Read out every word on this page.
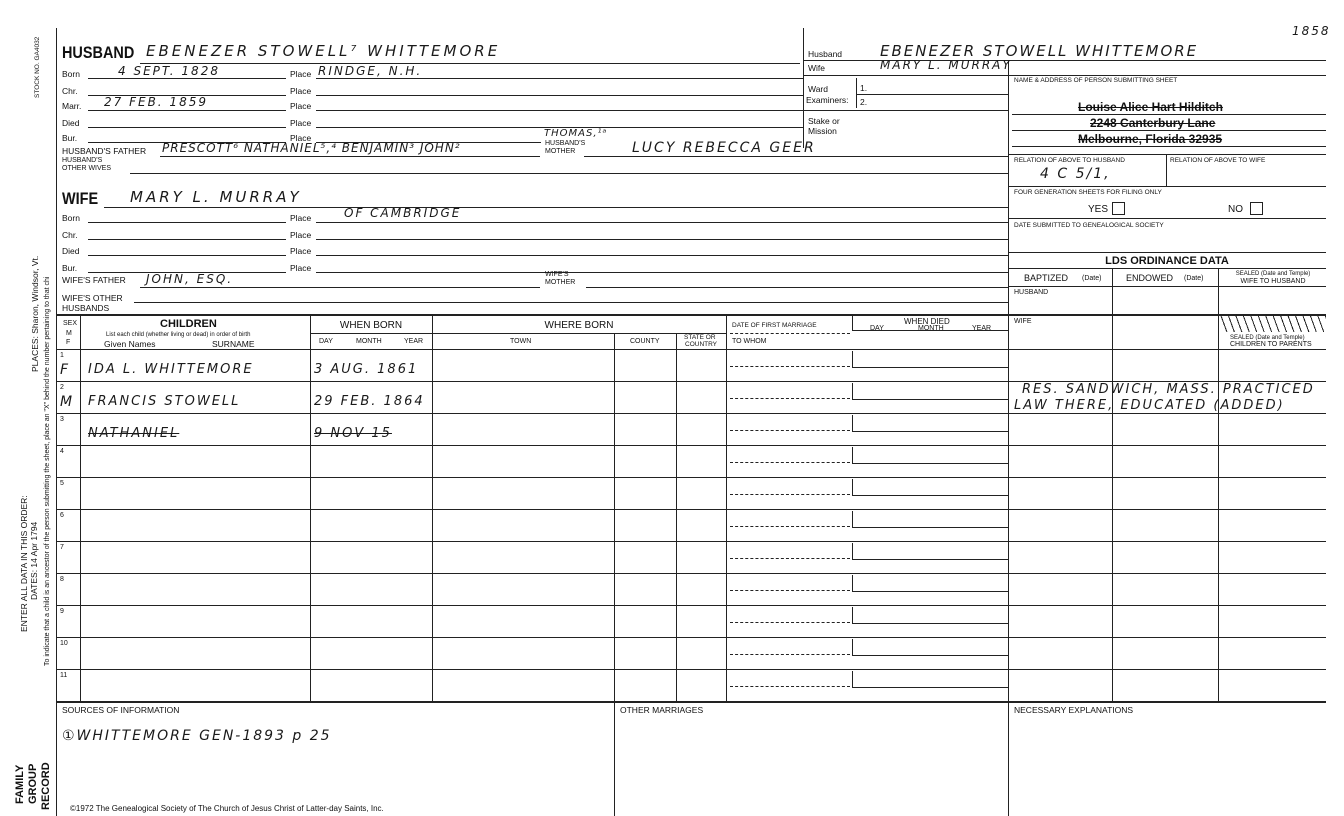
STOCK NO. GA4032
PLACES: Sharon, Windsor, Vt.
ENTER ALL DATA IN THIS ORDER: DATES: 14 Apr 1794 To indicate that a child is an ancestor of the person submitting the sheet, place an "X" behind the number pertaining to that chi
FAMILY GROUP RECORD
HUSBAND EBENEZER STOWELL⁷ WHITTEMORE
Born	4 SEPT. 1828	Place RINDGE, N.H.
Chr.	Place
Marr. 27 FEB. 1859	Place
Died	Place
Bur.	Place	THOMAS,¹ᵃ
HUSBAND'S FATHER PRESCOTT⁶ NATHANIEL⁵,⁴ BENJAMIN³ JOHN²	HUSBAND'S
MOTHER	LUCY REBECCA GEER
HUSBAND'S
OTHER WIVES
WIFE MARY L. MURRAY
Born	Place	OF CAMBRIDGE
Chr.	Place
Died	Place
Bur.	Place
WIFE'S FATHER JOHN, ESQ.	WIFE'S
MOTHER
WIFE'S OTHER
HUSBANDS
1858
Husband	EBENEZER STOWELL WHITTEMORE
Wife	MARY L. MURRAY
Ward	1.
Examiners: 2.
Stake or
Mission
NAME & ADDRESS OF PERSON SUBMITTING SHEET
Louise Alice Hart Hilditch
2248 Canterbury Lane
Melbourne, Florida 32935
RELATION OF ABOVE TO HUSBAND	RELATION OF ABOVE TO WIFE
4 C 5/1,
FOUR GENERATION SHEETS FOR FILING ONLY
YES	NO
DATE SUBMITTED TO GENEALOGICAL SOCIETY
LDS ORDINANCE DATA
BAPTIZED (Date)	ENDOWED (Date)
SEALED (Date and Temple)
WIFE TO HUSBAND
HUSBAND
WIFE
SEALED (Date and Temple)
CHILDREN TO PARENTS
RES. SANDWICH, MASS. PRACTICED
LAW THERE, EDUCATED (ADDED)
SEX
M
F
CHILDREN
List each child (whether living or dead) in order of birth
Given Names	SURNAME
WHEN BORN
DAY	MONTH	YEAR
WHERE BORN
TOWN	COUNTY
STATE OR
COUNTRY
DATE OF FIRST MARRIAGE
TO WHOM
WHEN DIED
DAY	MONTH	YEAR
1
F IDA L. WHITTEMORE	3 AUG. 1861
2
M FRANCIS STOWELL	29 FEB. 1864
3
NATHANIEL	9 NOV 15
4
5
6
7
8
9
10
11
SOURCES OF INFORMATION
①WHITTEMORE GEN-1893 p 25
OTHER MARRIAGES	NECESSARY EXPLANATIONS
©1972 The Genealogical Society of The Church of Jesus Christ of Latter-day Saints, Inc.
